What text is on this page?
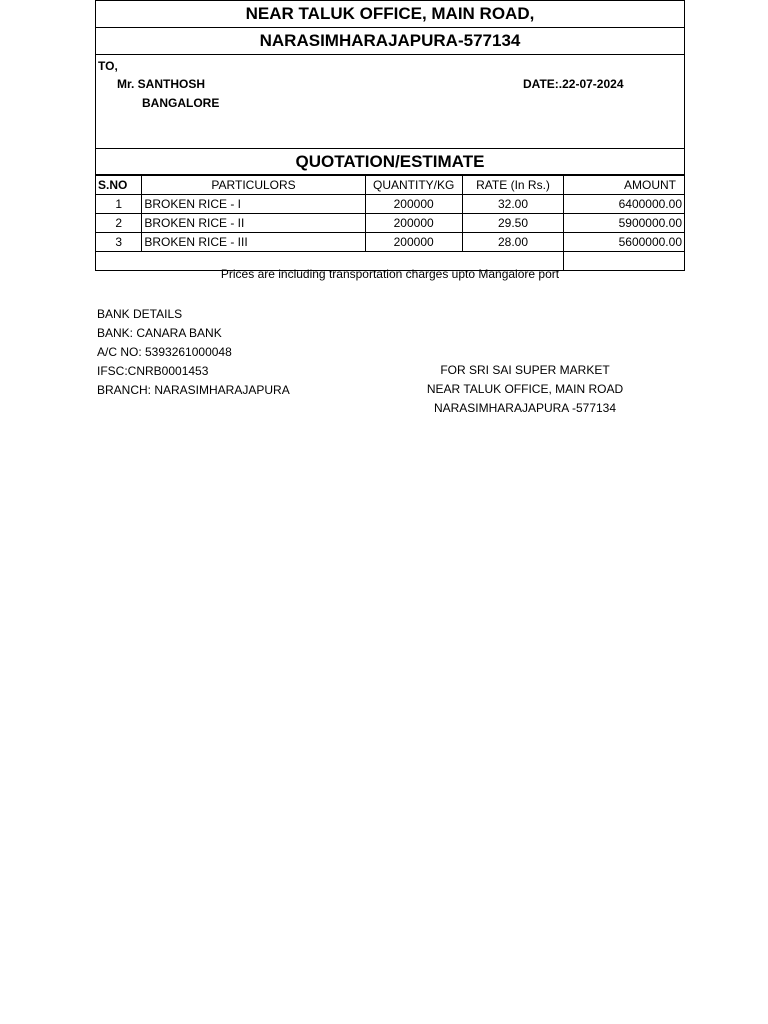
NEAR TALUK OFFICE, MAIN ROAD,
NARASIMHARAJAPURA-577134
TO,
Mr. SANTHOSH
BANGALORE
DATE:.22-07-2024
QUOTATION/ESTIMATE
S.NO	PARTICULORS	QUANTITY/KG	RATE (In Rs.)	AMOUNT
1	BROKEN RICE - I	200000	32.00	6400000.00
2	BROKEN RICE - II	200000	29.50	5900000.00
3	BROKEN RICE - III	200000	28.00	5600000.00

Prices are including transportation charges upto Mangalore port
BANK DETAILS
BANK: CANARA BANK
A/C NO: 5393261000048
IFSC:CNRB0001453
BRANCH: NARASIMHARAJAPURA
FOR SRI SAI SUPER MARKET
NEAR TALUK OFFICE, MAIN ROAD
NARASIMHARAJAPURA -577134
